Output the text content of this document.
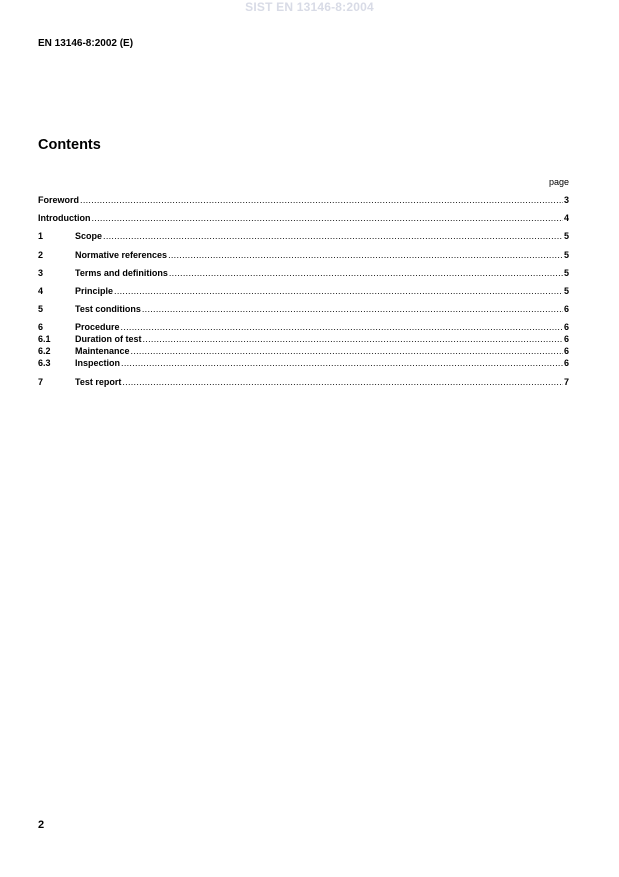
SIST EN 13146-8:2004
EN 13146-8:2002 (E)
Contents
page
Foreword .....	3
Introduction .....	4
1	Scope .....	5
2	Normative references .....	5
3	Terms and definitions .....	5
4	Principle .....	5
5	Test conditions .....	6
6	Procedure .....	6
6.1	Duration of test .....	6
6.2	Maintenance .....	6
6.3	Inspection .....	6
7	Test report .....	7
2
